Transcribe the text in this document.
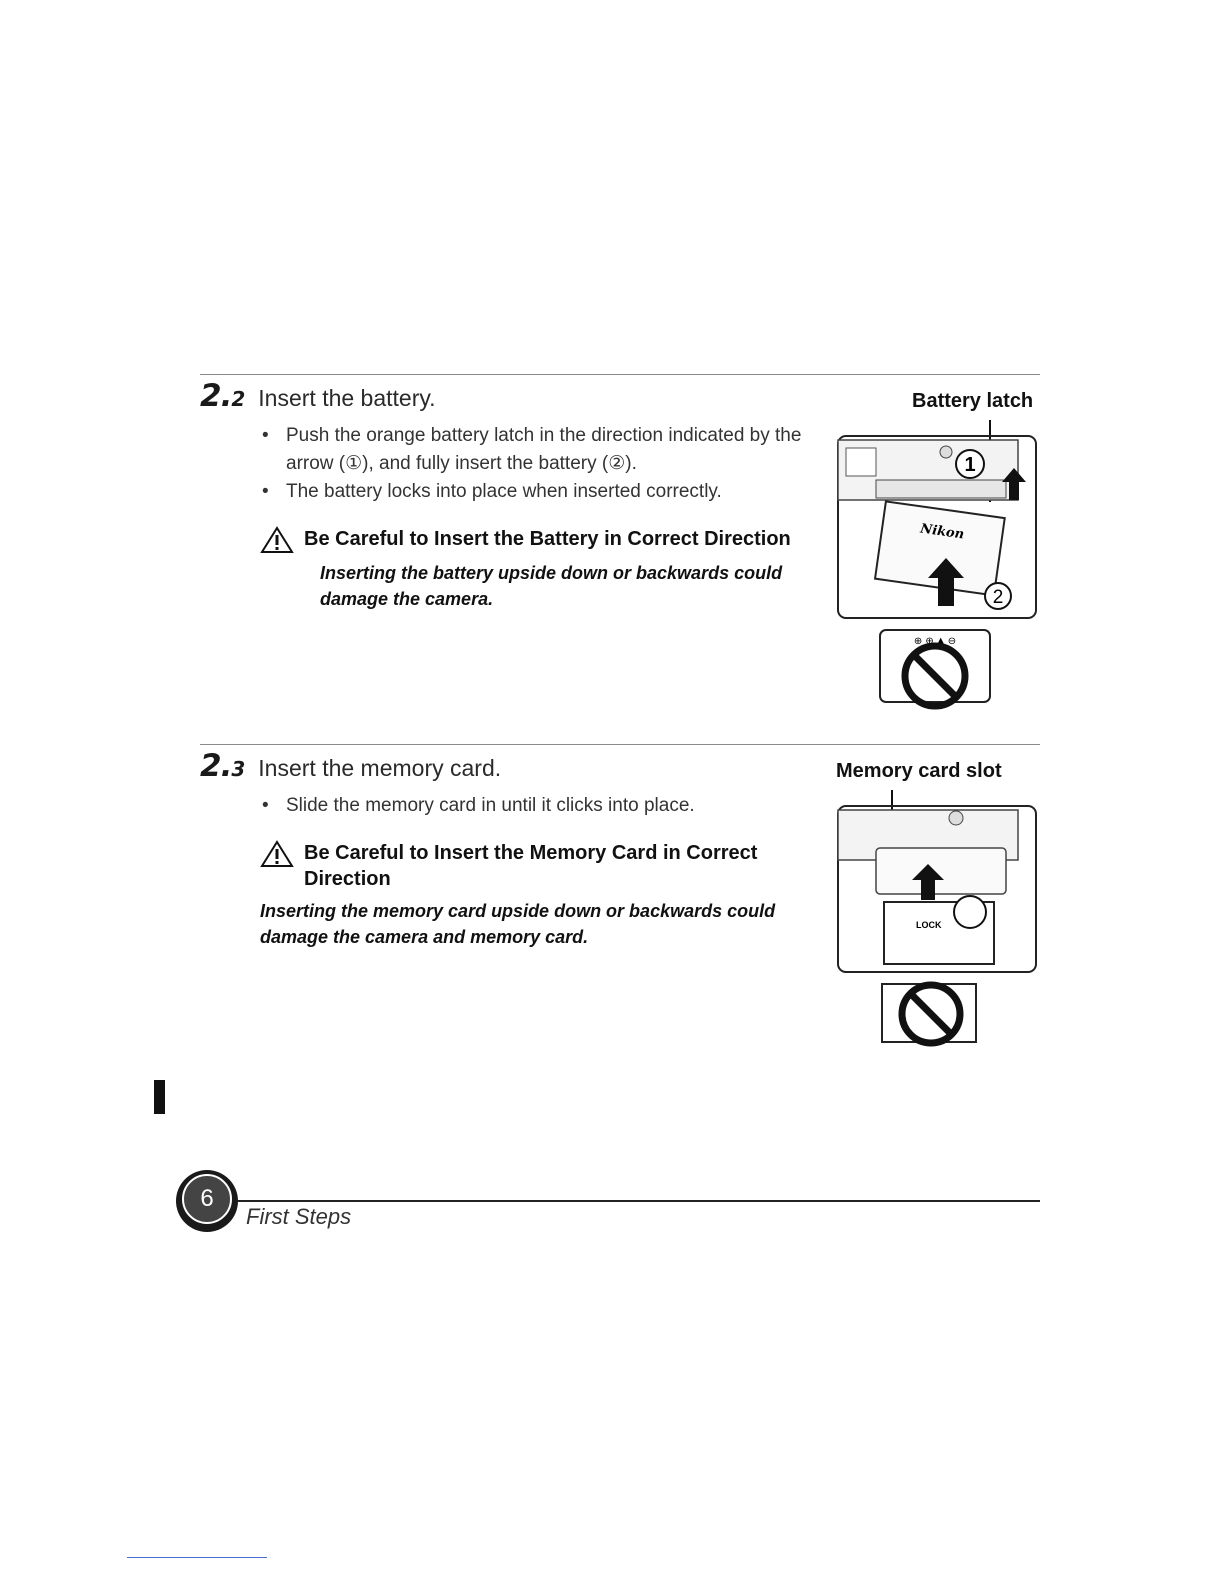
2.2 Insert the battery.
• Push the orange battery latch in the direction indicated by the arrow (①), and fully insert the battery (②).
• The battery locks into place when inserted correctly.
Be Careful to Insert the Battery in Correct Direction
Inserting the battery upside down or backwards could damage the camera.
Battery latch
Nikon
1
2
⊕ ⊕ ▲ ⊖
2.3 Insert the memory card.
• Slide the memory card in until it clicks into place.
Be Careful to Insert the Memory Card in Correct Direction
Inserting the memory card upside down or backwards could damage the camera and memory card.
Memory card slot
LOCK
6
First Steps
